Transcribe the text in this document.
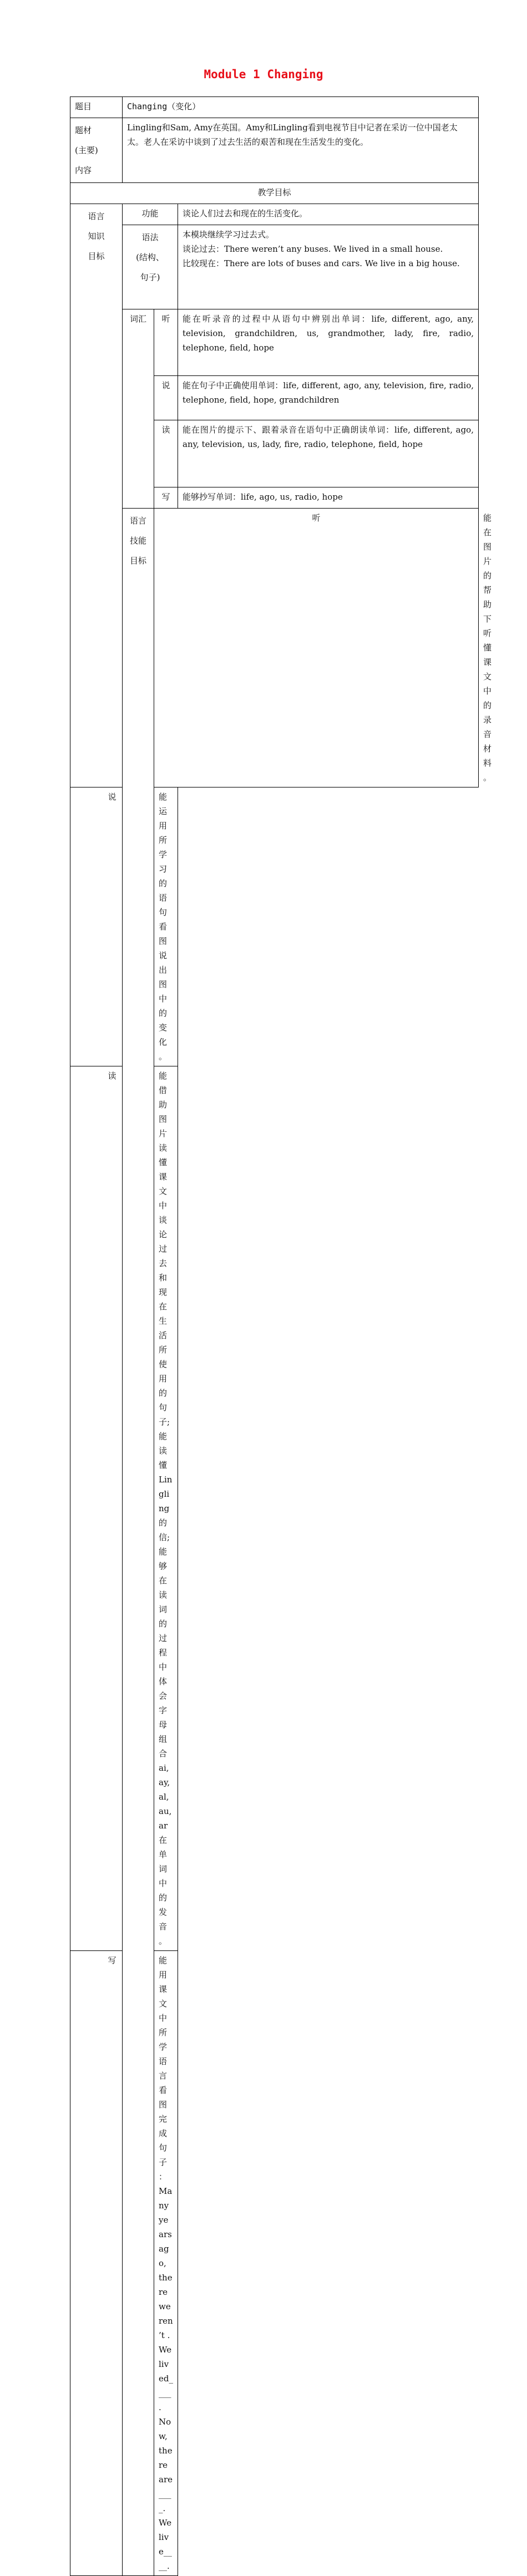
Module 1 Changing
题目	Changing（变化）			

题材
(主要)
内容	Lingling和Sam, Amy在英国。Amy和Lingling看到电视节目中记者在采访一位中国老太太。老人在采访中谈到了过去生活的艰苦和现在生活发生的变化。			
教学目标				

语言
知识
目标	功能		谈论人们过去和现在的生活变化。	

	语法
(结构、
句子)		本模块继续学习过去式。
谈论过去：There weren’t any buses. We lived in a small house.
比较现在：There are lots of buses and cars. We live in a big house.	

	词汇	听	能在听录音的过程中从语句中辨别出单词：life, different, ago, any, television, grandchildren, us, grandmother, lady, fire, radio, telephone, field, hope	
		说	能在句子中正确使用单词：life, different, ago, any, television, fire, radio, telephone, field, hope, grandchildren	
		读	能在图片的提示下、跟着录音在语句中正确朗读单词：life, different, ago, any, television, us, lady, fire, radio, telephone, field, hope	
		写	能够抄写单词：life, ago, us, radio, hope	

	语言
技能
目标	听		能在图片的帮助下听懂课文中的录音材料。
说		能运用所学习的语句看图说出图中的变化。		
读		能借助图片读懂课文中谈论过去和现在生活所使用的句子;
能读懂Lingling的信;
能够在读词的过程中体会字母组合ai, ay, al, au, ar在单词中的发音。		

写		能用课文中所学语言看图完成句子：Many years ago, there weren’t . We lived____. Now, there are____.We live____.		
